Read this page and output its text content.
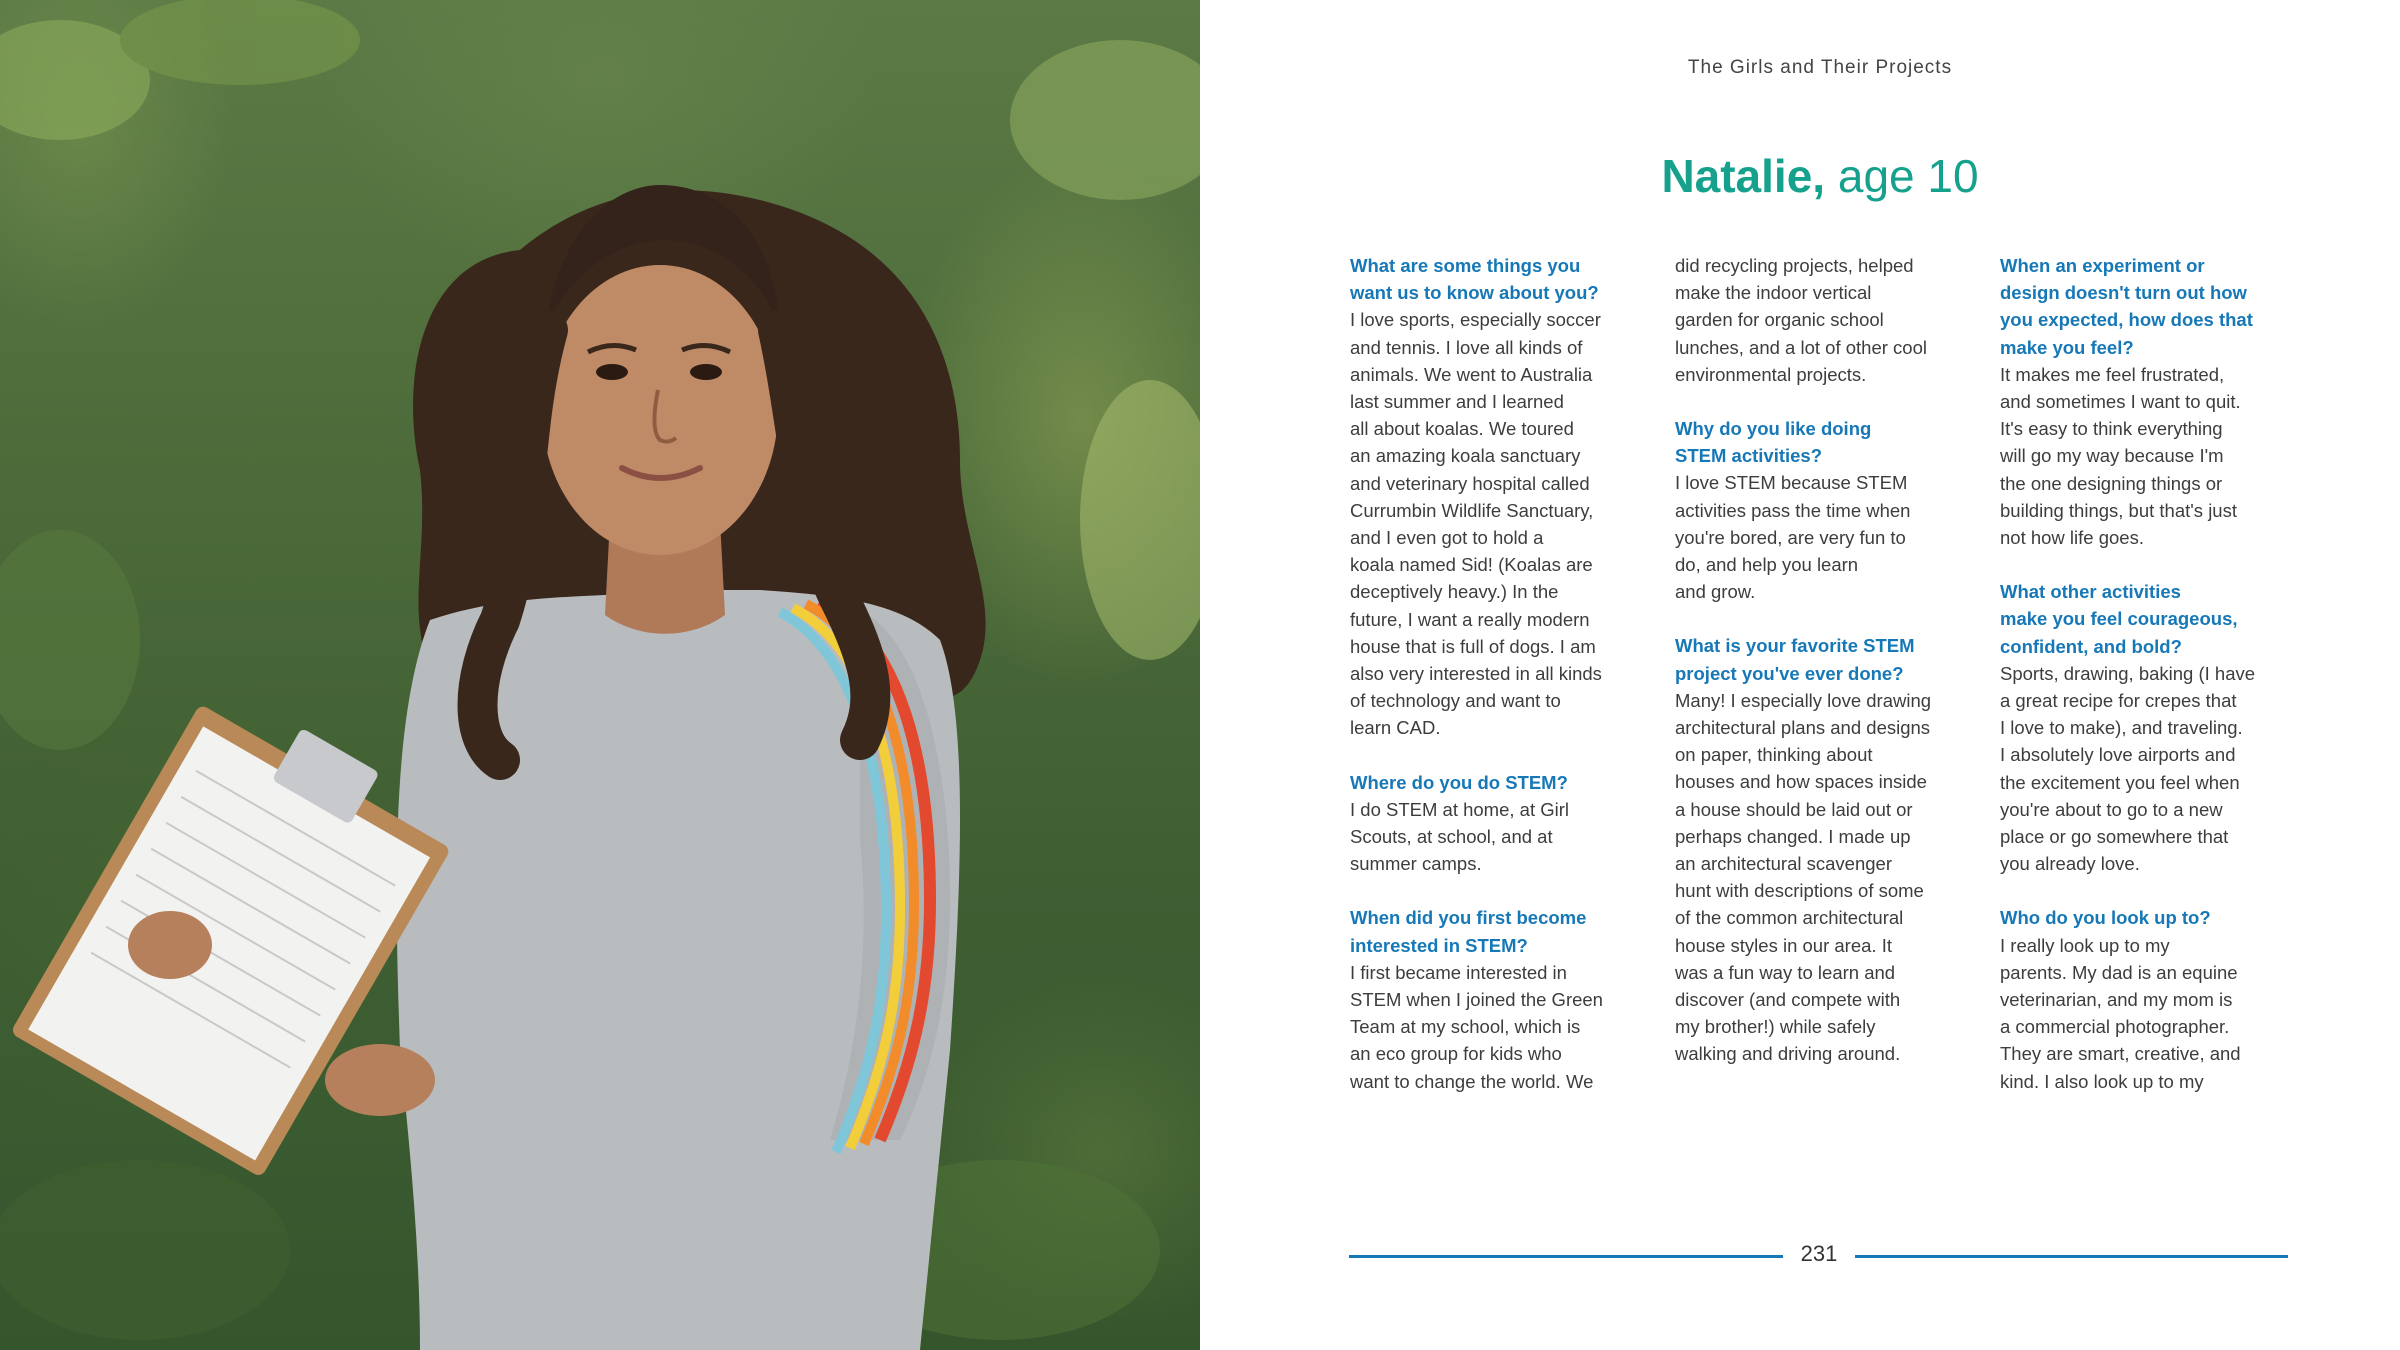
The Girls and Their Projects
Natalie, age 10
What are some things you
want us to know about you?
I love sports, especially soccer
and tennis. I love all kinds of
animals. We went to Australia
last summer and I learned
all about koalas. We toured
an amazing koala sanctuary
and veterinary hospital called
Currumbin Wildlife Sanctuary,
and I even got to hold a
koala named Sid! (Koalas are
deceptively heavy.) In the
future, I want a really modern
house that is full of dogs. I am
also very interested in all kinds
of technology and want to
learn CAD.
Where do you do STEM?
I do STEM at home, at Girl
Scouts, at school, and at
summer camps.
When did you first become
interested in STEM?
I first became interested in
STEM when I joined the Green
Team at my school, which is
an eco group for kids who
want to change the world. We
did recycling projects, helped
make the indoor vertical
garden for organic school
lunches, and a lot of other cool
environmental projects.
Why do you like doing
STEM activities?
I love STEM because STEM
activities pass the time when
you're bored, are very fun to
do, and help you learn
and grow.
What is your favorite STEM
project you've ever done?
Many! I especially love drawing
architectural plans and designs
on paper, thinking about
houses and how spaces inside
a house should be laid out or
perhaps changed. I made up
an architectural scavenger
hunt with descriptions of some
of the common architectural
house styles in our area. It
was a fun way to learn and
discover (and compete with
my brother!) while safely
walking and driving around.
When an experiment or
design doesn't turn out how
you expected, how does that
make you feel?
It makes me feel frustrated,
and sometimes I want to quit.
It's easy to think everything
will go my way because I'm
the one designing things or
building things, but that's just
not how life goes.
What other activities
make you feel courageous,
confident, and bold?
Sports, drawing, baking (I have
a great recipe for crepes that
I love to make), and traveling.
I absolutely love airports and
the excitement you feel when
you're about to go to a new
place or go somewhere that
you already love.
Who do you look up to?
I really look up to my
parents. My dad is an equine
veterinarian, and my mom is
a commercial photographer.
They are smart, creative, and
kind. I also look up to my
231
